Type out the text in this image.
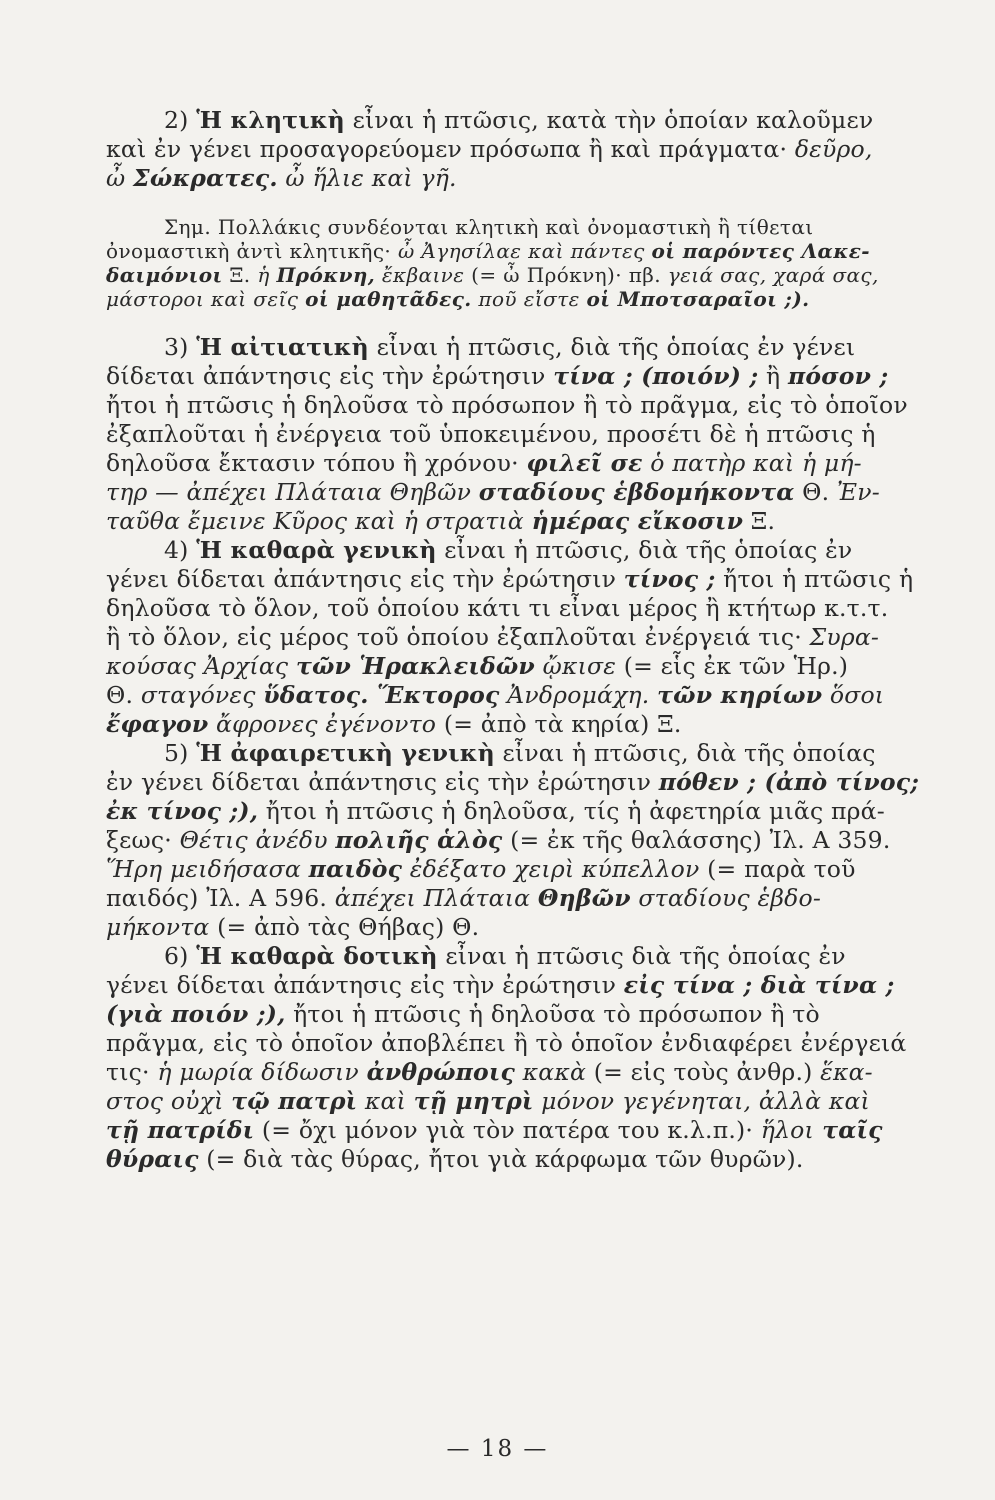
2) Ἡ κλητικὴ εἶναι ἡ πτῶσις, κατὰ τὴν ὁποίαν καλοῦμεν
καὶ ἐν γένει προσαγορεύομεν πρόσωπα ἢ καὶ πράγματα· δεῦρο,
ὦ Σώκρατες. ὦ ἥλιε καὶ γῆ.
Σημ. Πολλάκις συνδέονται κλητικὴ καὶ ὀνομαστικὴ ἢ τίθεται
ὀνομαστικὴ ἀντὶ κλητικῆς· ὦ Ἀγησίλαε καὶ πάντες οἱ παρόντες Λακε-
δαιμόνιοι Ξ. ἡ Πρόκνη, ἔκβαινε (= ὦ Πρόκνη)· πβ. γειά σας, χαρά σας,
μάστοροι καὶ σεῖς οἱ μαθητᾶδες. ποῦ εἴστε οἱ Μποτσαραῖοι ;).
3) Ἡ αἰτιατικὴ εἶναι ἡ πτῶσις, διὰ τῆς ὁποίας ἐν γένει
δίδεται ἀπάντησις εἰς τὴν ἐρώτησιν τίνα ; (ποιόν) ; ἢ πόσον ;
ἤτοι ἡ πτῶσις ἡ δηλοῦσα τὸ πρόσωπον ἢ τὸ πρᾶγμα, εἰς τὸ ὁποῖον
ἐξαπλοῦται ἡ ἐνέργεια τοῦ ὑποκειμένου, προσέτι δὲ ἡ πτῶσις ἡ
δηλοῦσα ἔκτασιν τόπου ἢ χρόνου· φιλεῖ σε ὁ πατὴρ καὶ ἡ μή-
τηρ — ἀπέχει Πλάταια Θηβῶν σταδίους ἑβδομήκοντα Θ. Ἐν-
ταῦθα ἔμεινε Κῦρος καὶ ἡ στρατιὰ ἡμέρας εἴκοσιν Ξ.
4) Ἡ καθαρὰ γενικὴ εἶναι ἡ πτῶσις, διὰ τῆς ὁποίας ἐν
γένει δίδεται ἀπάντησις εἰς τὴν ἐρώτησιν τίνος ; ἤτοι ἡ πτῶσις ἡ
δηλοῦσα τὸ ὅλον, τοῦ ὁποίου κάτι τι εἶναι μέρος ἢ κτήτωρ κ.τ.τ.
ἢ τὸ ὅλον, εἰς μέρος τοῦ ὁποίου ἐξαπλοῦται ἐνέργειά τις· Συρα-
κούσας Ἀρχίας τῶν Ἡρακλειδῶν ᾤκισε (= εἷς ἐκ τῶν Ἡρ.)
Θ. σταγόνες ὕδατος. Ἕκτορος Ἀνδρομάχη. τῶν κηρίων ὅσοι
ἔφαγον ἄφρονες ἐγένοντο (= ἀπὸ τὰ κηρία) Ξ.
5) Ἡ ἀφαιρετικὴ γενικὴ εἶναι ἡ πτῶσις, διὰ τῆς ὁποίας
ἐν γένει δίδεται ἀπάντησις εἰς τὴν ἐρώτησιν πόθεν ; (ἀπὸ τίνος;
ἐκ τίνος ;), ἤτοι ἡ πτῶσις ἡ δηλοῦσα, τίς ἡ ἀφετηρία μιᾶς πρά-
ξεως· Θέτις ἀνέδυ πολιῆς ἁλὸς (= ἐκ τῆς θαλάσσης) Ἰλ. Α 359.
Ἥρη μειδήσασα παιδὸς ἐδέξατο χειρὶ κύπελλον (= παρὰ τοῦ
παιδός) Ἰλ. Α 596. ἀπέχει Πλάταια Θηβῶν σταδίους ἑβδο-
μήκοντα (= ἀπὸ τὰς Θήβας) Θ.
6) Ἡ καθαρὰ δοτικὴ εἶναι ἡ πτῶσις διὰ τῆς ὁποίας ἐν
γένει δίδεται ἀπάντησις εἰς τὴν ἐρώτησιν εἰς τίνα ; διὰ τίνα ;
(γιὰ ποιόν ;), ἤτοι ἡ πτῶσις ἡ δηλοῦσα τὸ πρόσωπον ἢ τὸ
πρᾶγμα, εἰς τὸ ὁποῖον ἀποβλέπει ἢ τὸ ὁποῖον ἐνδιαφέρει ἐνέργειά
τις· ἡ μωρία δίδωσιν ἀνθρώποις κακὰ (= εἰς τοὺς ἀνθρ.) ἕκα-
στος οὐχὶ τῷ πατρὶ καὶ τῇ μητρὶ μόνον γεγένηται, ἀλλὰ καὶ
τῇ πατρίδι (= ὄχι μόνον γιὰ τὸν πατέρα του κ.λ.π.)· ἥλοι ταῖς
θύραις (= διὰ τὰς θύρας, ἤτοι γιὰ κάρφωμα τῶν θυρῶν).
— 18 —
